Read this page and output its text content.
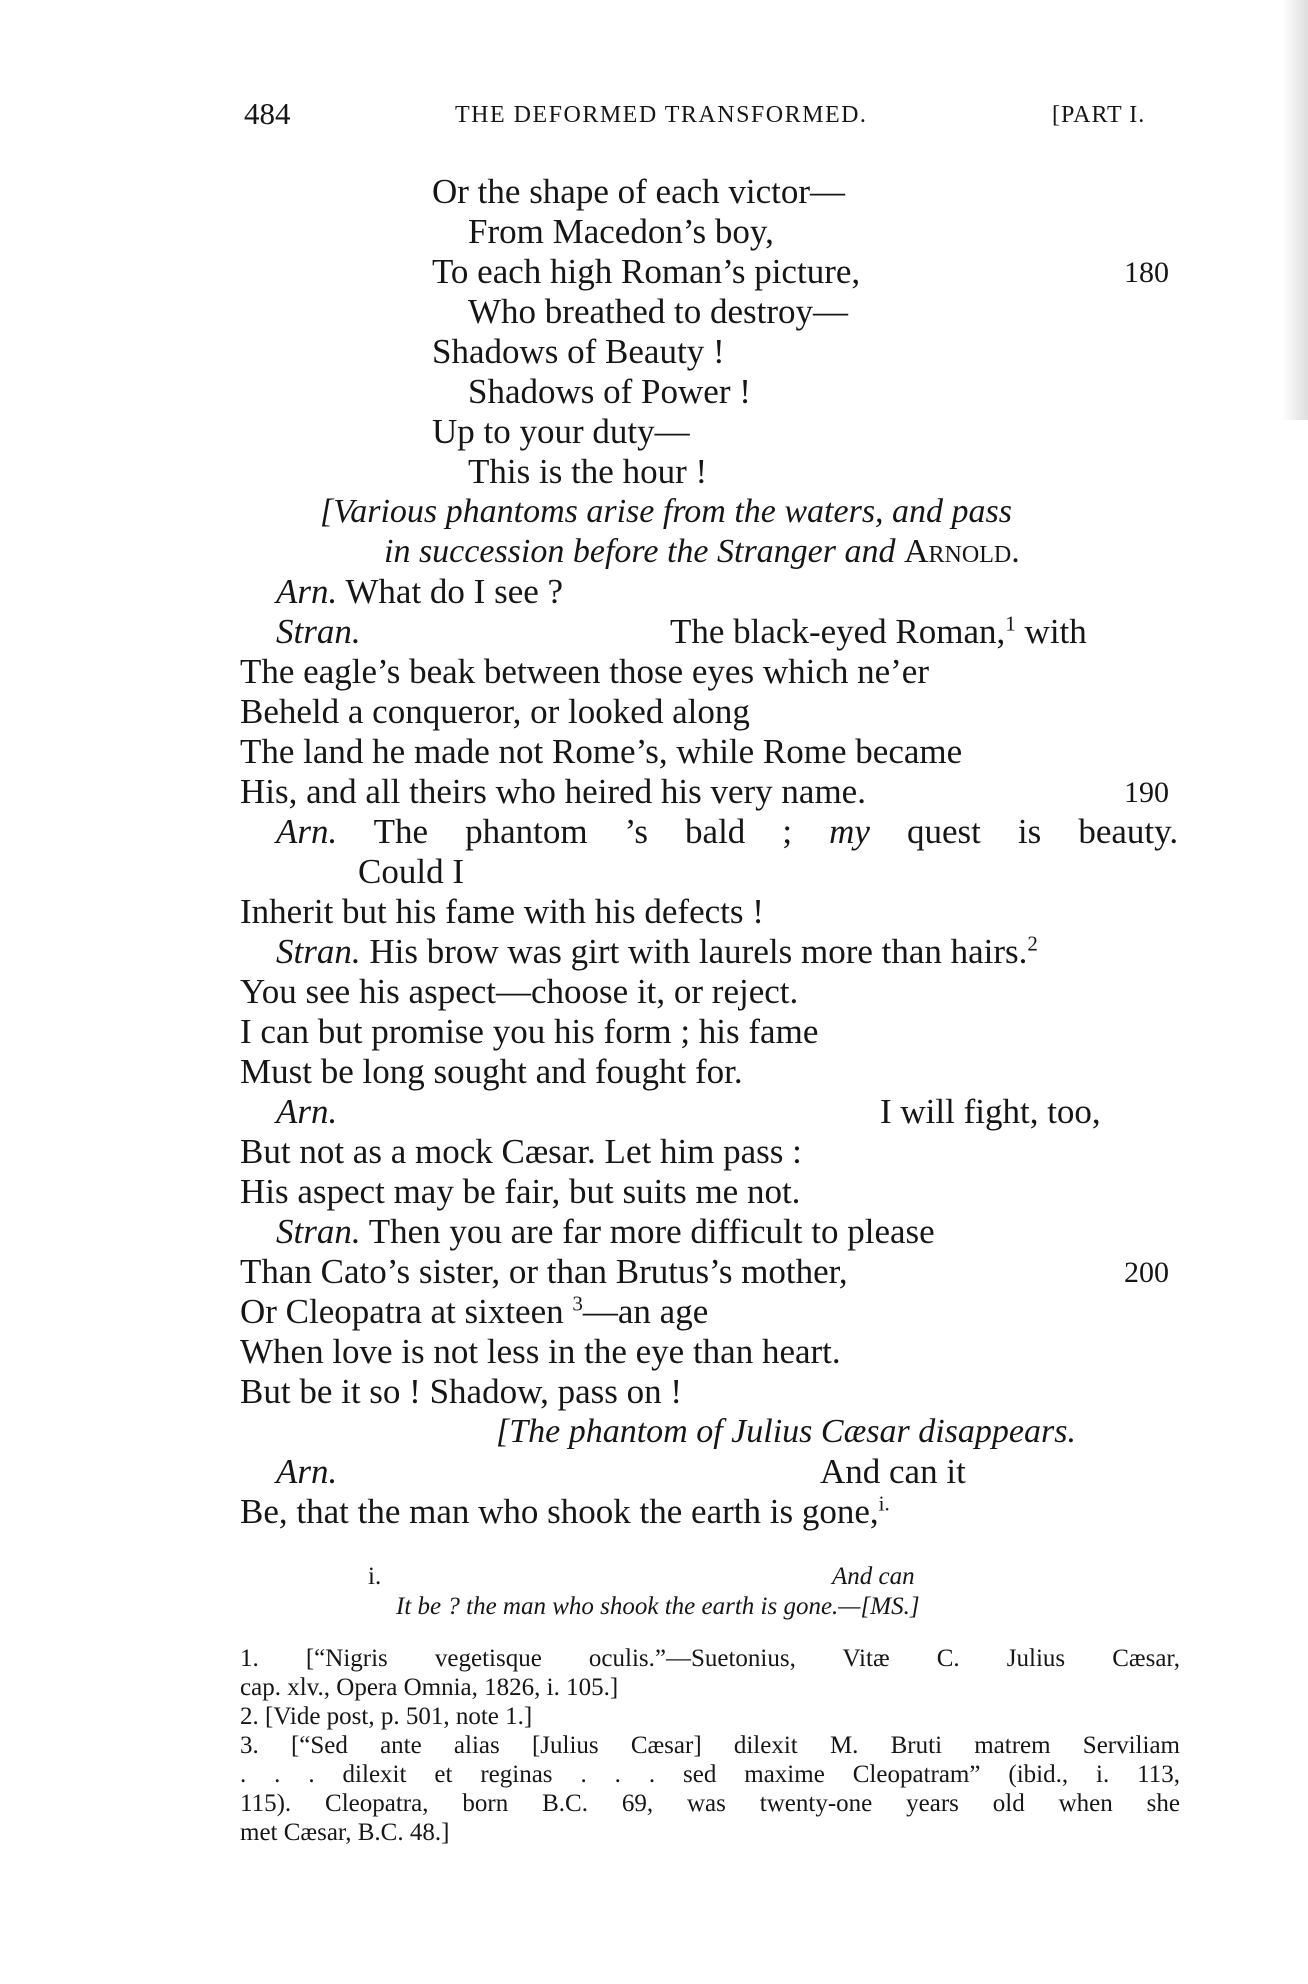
484	THE DEFORMED TRANSFORMED.	[PART I.
Or the shape of each victor—
From Macedon’s boy,
To each high Roman’s picture,	180
Who breathed to destroy—
Shadows of Beauty !
Shadows of Power !
Up to your duty—
This is the hour !
[Various phantoms arise from the waters, and pass
in succession before the Stranger and Arnold.
Arn. What do I see ?
Stran.	The black-eyed Roman,$^1$ with
The eagle’s beak between those eyes which ne’er
Beheld a conqueror, or looked along
The land he made not Rome’s, while Rome became
His, and all theirs who heired his very name.	190
Arn. The phantom ’s bald ; my quest is beauty.
Could I
Inherit but his fame with his defects !
Stran. His brow was girt with laurels more than hairs.$^2$
You see his aspect—choose it, or reject.
I can but promise you his form ; his fame
Must be long sought and fought for.
Arn.	I will fight, too,
But not as a mock Cæsar. Let him pass :
His aspect may be fair, but suits me not.
Stran. Then you are far more difficult to please
Than Cato’s sister, or than Brutus’s mother,	200
Or Cleopatra at sixteen $^3$—an age
When love is not less in the eye than heart.
But be it so ! Shadow, pass on !
[The phantom of Julius Cæsar disappears.
Arn.	And can it
Be, that the man who shook the earth is gone,$^{i.}$
i.	And can
It be ? the man who shook the earth is gone.—[MS.]
1. [“Nigris vegetisque oculis.”—Suetonius, Vitæ C. Julius Cæsar,
cap. xlv., Opera Omnia, 1826, i. 105.]
2. [Vide post, p. 501, note 1.]
3. [“Sed ante alias [Julius Cæsar] dilexit M. Bruti matrem Serviliam
. . . dilexit et reginas . . . sed maxime Cleopatram” (ibid., i. 113,
115). Cleopatra, born B.C. 69, was twenty-one years old when she
met Cæsar, B.C. 48.]
